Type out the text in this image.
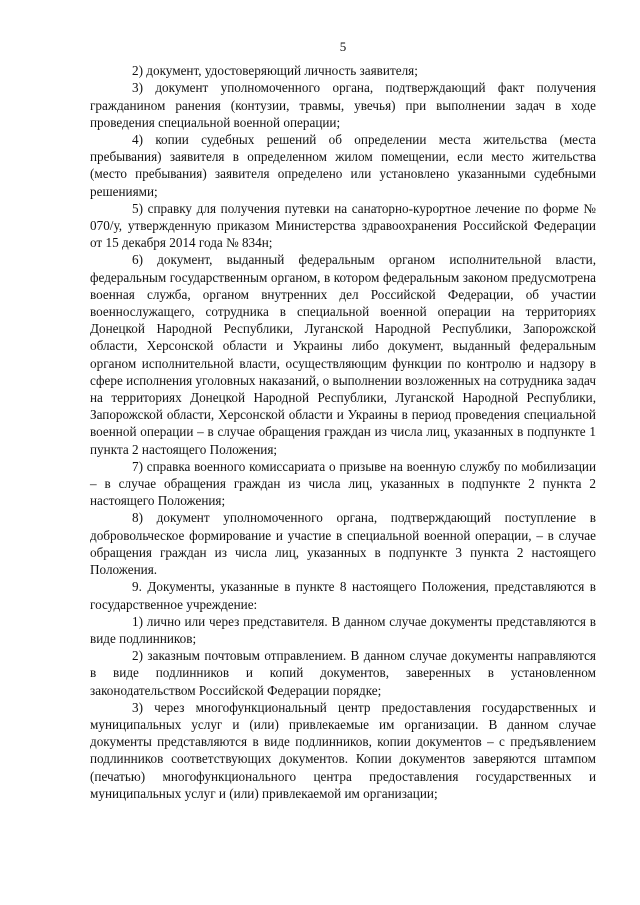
5

2) документ, удостоверяющий личность заявителя;

3) документ уполномоченного органа, подтверждающий факт получения гражданином ранения (контузии, травмы, увечья) при выполнении задач в ходе проведения специальной военной операции;

4) копии судебных решений об определении места жительства (места пребывания) заявителя в определенном жилом помещении, если место жительства (место пребывания) заявителя определено или установлено указанными судебными решениями;

5) справку для получения путевки на санаторно-курортное лечение по форме № 070/у, утвержденную приказом Министерства здравоохранения Российской Федерации от 15 декабря 2014 года № 834н;

6) документ, выданный федеральным органом исполнительной власти, федеральным государственным органом, в котором федеральным законом предусмотрена военная служба, органом внутренних дел Российской Федерации, об участии военнослужащего, сотрудника в специальной военной операции на территориях Донецкой Народной Республики, Луганской Народной Республики, Запорожской области, Херсонской области и Украины либо документ, выданный федеральным органом исполнительной власти, осуществляющим функции по контролю и надзору в сфере исполнения уголовных наказаний, о выполнении возложенных на сотрудника задач на территориях Донецкой Народной Республики, Луганской Народной Республики, Запорожской области, Херсонской области и Украины в период проведения специальной военной операции – в случае обращения граждан из числа лиц, указанных в подпункте 1 пункта 2 настоящего Положения;

7) справка военного комиссариата о призыве на военную службу по мобилизации – в случае обращения граждан из числа лиц, указанных в подпункте 2 пункта 2 настоящего Положения;

8) документ уполномоченного органа, подтверждающий поступление в добровольческое формирование и участие в специальной военной операции, – в случае обращения граждан из числа лиц, указанных в подпункте 3 пункта 2 настоящего Положения.

9. Документы, указанные в пункте 8 настоящего Положения, представляются в государственное учреждение:

1) лично или через представителя. В данном случае документы представляются в виде подлинников;

2) заказным почтовым отправлением. В данном случае документы направляются в виде подлинников и копий документов, заверенных в установленном законодательством Российской Федерации порядке;

3) через многофункциональный центр предоставления государственных и муниципальных услуг и (или) привлекаемые им организации. В данном случае документы представляются в виде подлинников, копии документов – с предъявлением подлинников соответствующих документов. Копии документов заверяются штампом (печатью) многофункционального центра предоставления государственных и муниципальных услуг и (или) привлекаемой им организации;
